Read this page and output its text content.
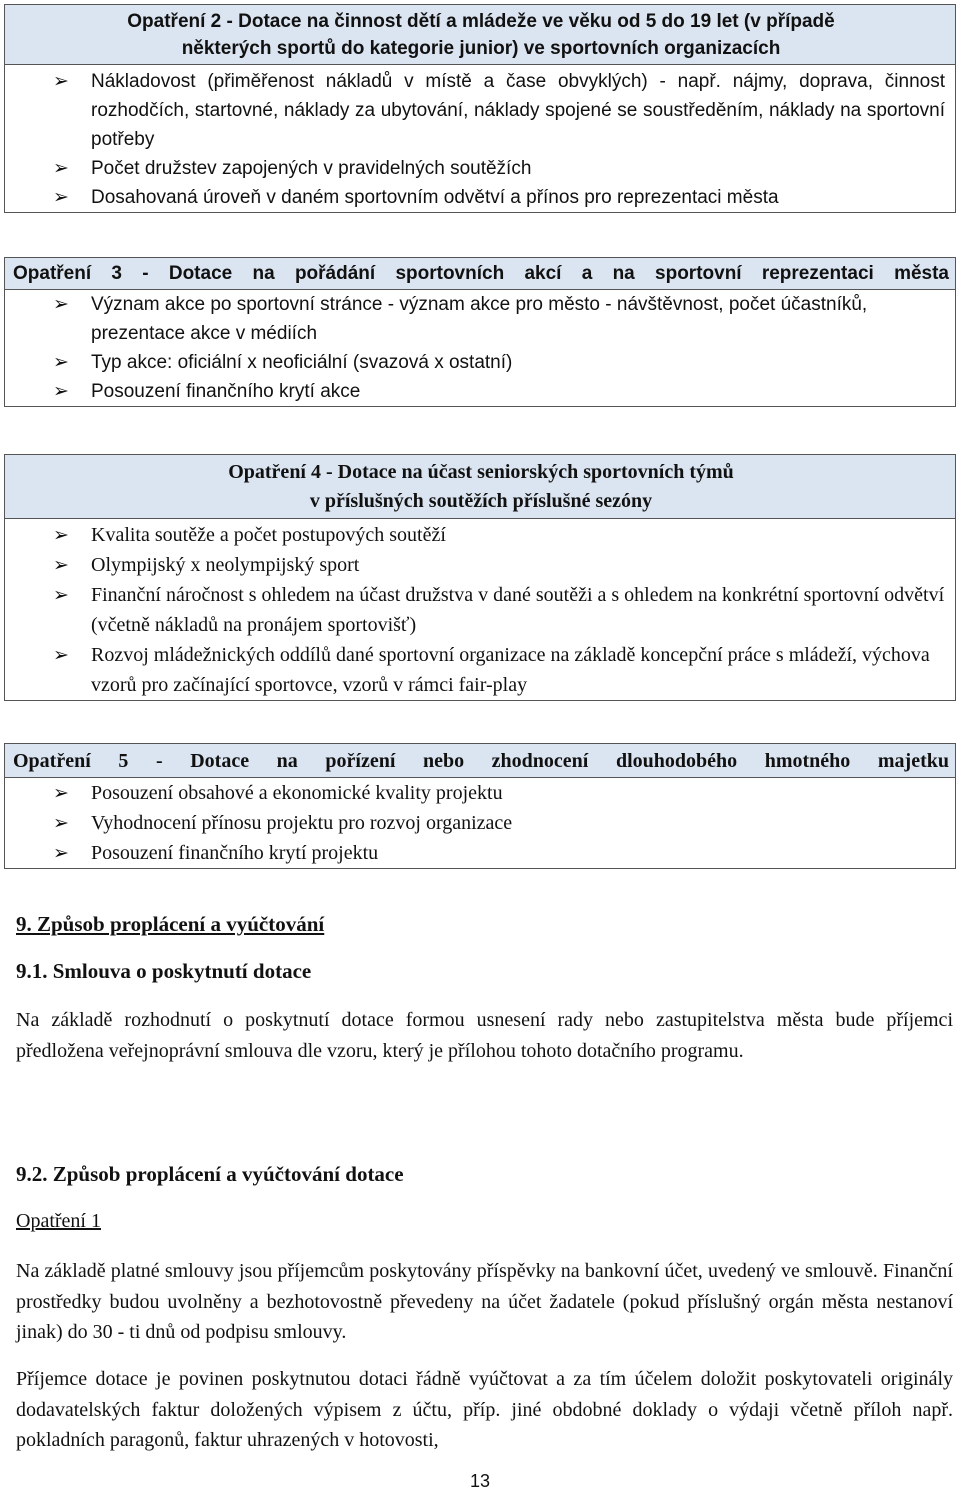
Opatření 2 - Dotace na činnost dětí a mládeže ve věku od 5 do 19 let (v případě
některých sportů do kategorie junior) ve sportovních organizacích
➢ Nákladovost (přiměřenost nákladů v místě a čase obvyklých) - např. nájmy, doprava, činnost rozhodčích, startovné, náklady za ubytování, náklady spojené se soustředěním, náklady na sportovní potřeby
➢ Počet družstev zapojených v pravidelných soutěžích
➢ Dosahovaná úroveň v daném sportovním odvětví a přínos pro reprezentaci města
Opatření 3 - Dotace na pořádání sportovních akcí a na sportovní reprezentaci města
➢ Význam akce po sportovní stránce - význam akce pro město - návštěvnost, počet účastníků, prezentace akce v médiích
➢ Typ akce: oficiální x neoficiální (svazová x ostatní)
➢ Posouzení finančního krytí akce
Opatření 4 - Dotace na účast seniorských sportovních týmů
v příslušných soutěžích příslušné sezóny
➢ Kvalita soutěže a počet postupových soutěží
➢ Olympijský x neolympijský sport
➢ Finanční náročnost s ohledem na účast družstva v dané soutěži a s ohledem na konkrétní sportovní odvětví (včetně nákladů na pronájem sportovišť)
➢ Rozvoj mládežnických oddílů dané sportovní organizace na základě koncepční práce s mládeží, výchova vzorů pro začínající sportovce, vzorů v rámci fair-play
Opatření 5 - Dotace na pořízení nebo zhodnocení dlouhodobého hmotného majetku
➢ Posouzení obsahové a ekonomické kvality projektu
➢ Vyhodnocení přínosu projektu pro rozvoj organizace
➢ Posouzení finančního krytí projektu
9. Způsob proplácení a vyúčtování
9.1. Smlouva o poskytnutí dotace
Na základě rozhodnutí o poskytnutí dotace formou usnesení rady nebo zastupitelstva města bude příjemci předložena veřejnoprávní smlouva dle vzoru, který je přílohou tohoto dotačního programu.
9.2. Způsob proplácení a vyúčtování dotace
Opatření 1
Na základě platné smlouvy jsou příjemcům poskytovány příspěvky na bankovní účet, uvedený ve smlouvě. Finanční prostředky budou uvolněny a bezhotovostně převedeny na účet žadatele (pokud příslušný orgán města nestanoví jinak) do 30 - ti dnů od podpisu smlouvy.
Příjemce dotace je povinen poskytnutou dotaci řádně vyúčtovat a za tím účelem doložit poskytovateli originály dodavatelských faktur doložených výpisem z účtu, příp. jiné obdobné doklady o výdaji včetně příloh např. pokladních paragonů, faktur uhrazených v hotovosti,
13
